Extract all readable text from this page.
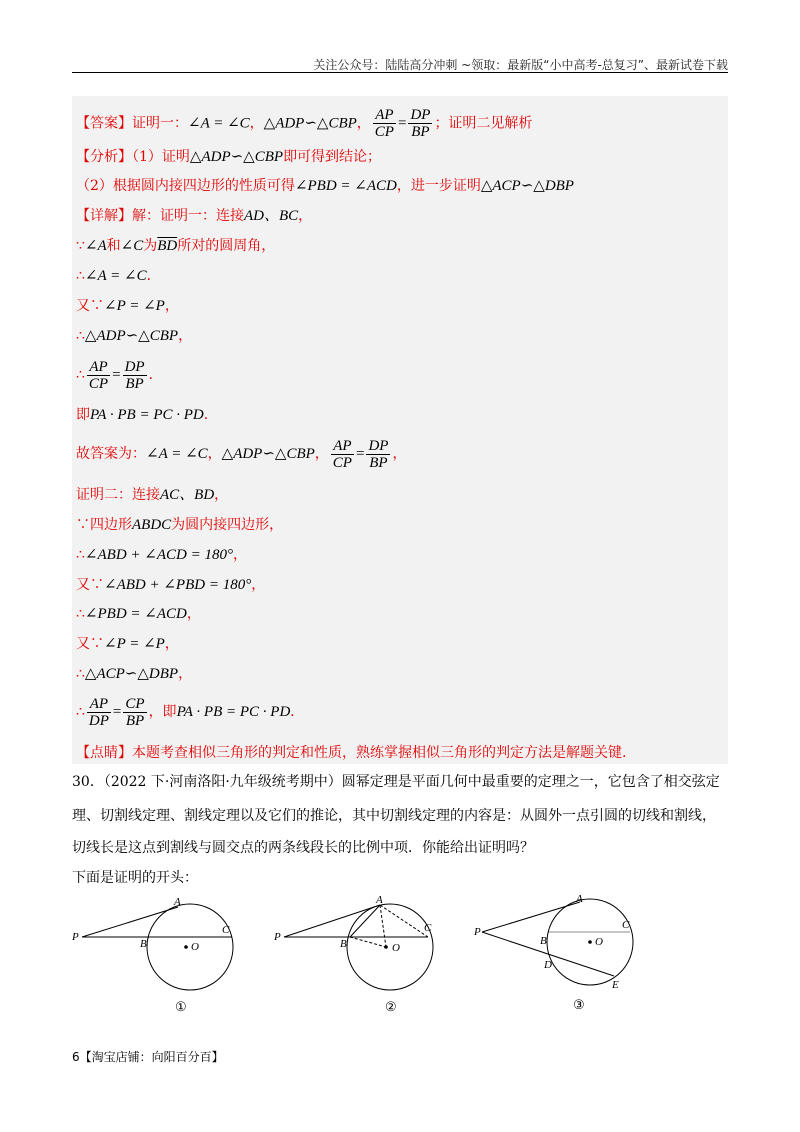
关注公众号：陆陆高分冲刺 ~领取：最新版“小中高考-总复习”、最新试卷下载
【答案】证明一：∠A = ∠C，△ADP∽△CBP， $\frac{AP}{CP} = \frac{DP}{BP}$ ；证明二见解析
【分析】（1）证明△ADP∽△CBP即可得到结论；
（2）根据圆内接四边形的性质可得∠PBD = ∠ACD，进一步证明△ACP∽△DBP
【详解】解：证明一：连接AD、BC，
∵∠A和∠C为$\overline{BD}$所对的圆周角，
∴∠A = ∠C．
又∵∠P = ∠P，
∴△ADP∽△CBP，
∴ $\frac{AP}{CP} = \frac{DP}{BP}$ ．
即PA · PB = PC · PD．
故答案为：∠A = ∠C，△ADP∽△CBP， $\frac{AP}{CP} = \frac{DP}{BP}$ ，
证明二：连接AC、BD，
∵四边形ABDC为圆内接四边形，
∴∠ABD + ∠ACD = 180°，
又∵∠ABD + ∠PBD = 180°，
∴∠PBD = ∠ACD，
又∵∠P = ∠P，
∴△ACP∽△DBP，
∴ $\frac{AP}{DP} = \frac{CP}{BP}$ ，即PA · PB = PC · PD．
【点睛】本题考查相似三角形的判定和性质，熟练掌握相似三角形的判定方法是解题关键.
30．（2022 下·河南洛阳·九年级统考期中）圆幂定理是平面几何中最重要的定理之一，它包含了相交弦定
理、切割线定理、割线定理以及它们的推论，其中切割线定理的内容是：从圆外一点引圆的切线和割线，
切线长是这点到割线与圆交点的两条线段长的比例中项．你能给出证明吗？
下面是证明的开头：
P
A
B
C
O
①
P
A
B
C
O
②
P
A
B
C
D
E
O
③
6【淘宝店铺：向阳百分百】
